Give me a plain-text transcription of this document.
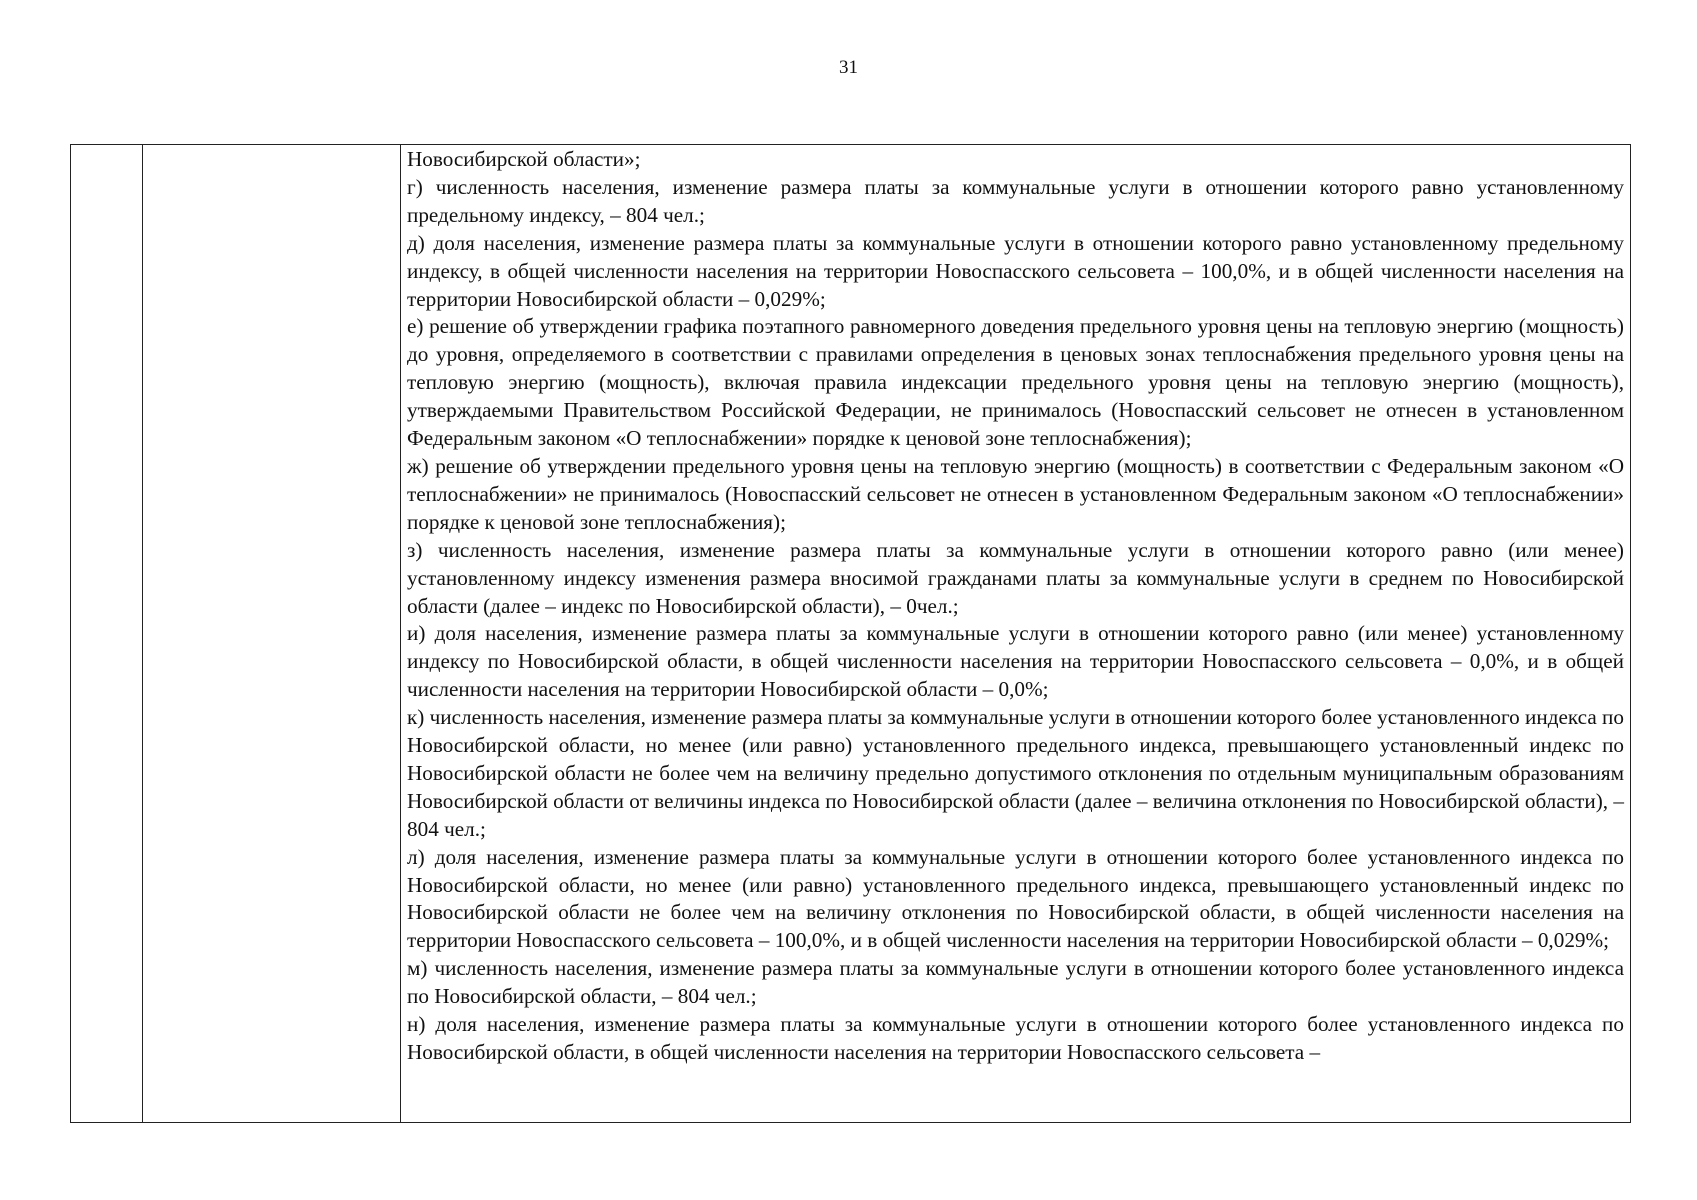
31

Новосибирской области»;

г) численность населения, изменение размера платы за коммунальные услуги в отношении которого равно установленному предельному индексу, – 804 чел.;

д) доля населения, изменение размера платы за коммунальные услуги в отношении которого равно установленному предельному индексу, в общей численности населения на территории Новоспасского сельсовета – 100,0%, и в общей численности населения на территории Новосибирской области – 0,029%;

е) решение об утверждении графика поэтапного равномерного доведения предельного уровня цены на тепловую энергию (мощность) до уровня, определяемого в соответствии с правилами определения в ценовых зонах теплоснабжения предельного уровня цены на тепловую энергию (мощность), включая правила индексации предельного уровня цены на тепловую энергию (мощность), утверждаемыми Правительством Российской Федерации, не принималось (Новоспасский сельсовет не отнесен в установленном Федеральным законом «О теплоснабжении» порядке к ценовой зоне теплоснабжения);

ж) решение об утверждении предельного уровня цены на тепловую энергию (мощность) в соответствии с Федеральным законом «О теплоснабжении» не принималось (Новоспасский сельсовет не отнесен в установленном Федеральным законом «О теплоснабжении» порядке к ценовой зоне теплоснабжения);

з) численность населения, изменение размера платы за коммунальные услуги в отношении которого равно (или менее) установленному индексу изменения размера вносимой гражданами платы за коммунальные услуги в среднем по Новосибирской области (далее – индекс по Новосибирской области), – 0чел.;

и) доля населения, изменение размера платы за коммунальные услуги в отношении которого равно (или менее) установленному индексу по Новосибирской области, в общей численности населения на территории Новоспасского сельсовета – 0,0%, и в общей численности населения на территории Новосибирской области – 0,0%;

к) численность населения, изменение размера платы за коммунальные услуги в отношении которого более установленного индекса по Новосибирской области, но менее (или равно) установленного предельного индекса, превышающего установленный индекс по Новосибирской области не более чем на величину предельно допустимого отклонения по отдельным муниципальным образованиям Новосибирской области от величины индекса по Новосибирской области (далее – величина отклонения по Новосибирской области), – 804 чел.;

л) доля населения, изменение размера платы за коммунальные услуги в отношении которого более установленного индекса по Новосибирской области, но менее (или равно) установленного предельного индекса, превышающего установленный индекс по Новосибирской области не более чем на величину отклонения по Новосибирской области, в общей численности населения на территории Новоспасского сельсовета – 100,0%, и в общей численности населения на территории Новосибирской области – 0,029%;

м) численность населения, изменение размера платы за коммунальные услуги в отношении которого более установленного индекса по Новосибирской области, – 804 чел.;

н) доля населения, изменение размера платы за коммунальные услуги в отношении которого более установленного индекса по Новосибирской области, в общей численности населения на территории Новоспасского сельсовета –
